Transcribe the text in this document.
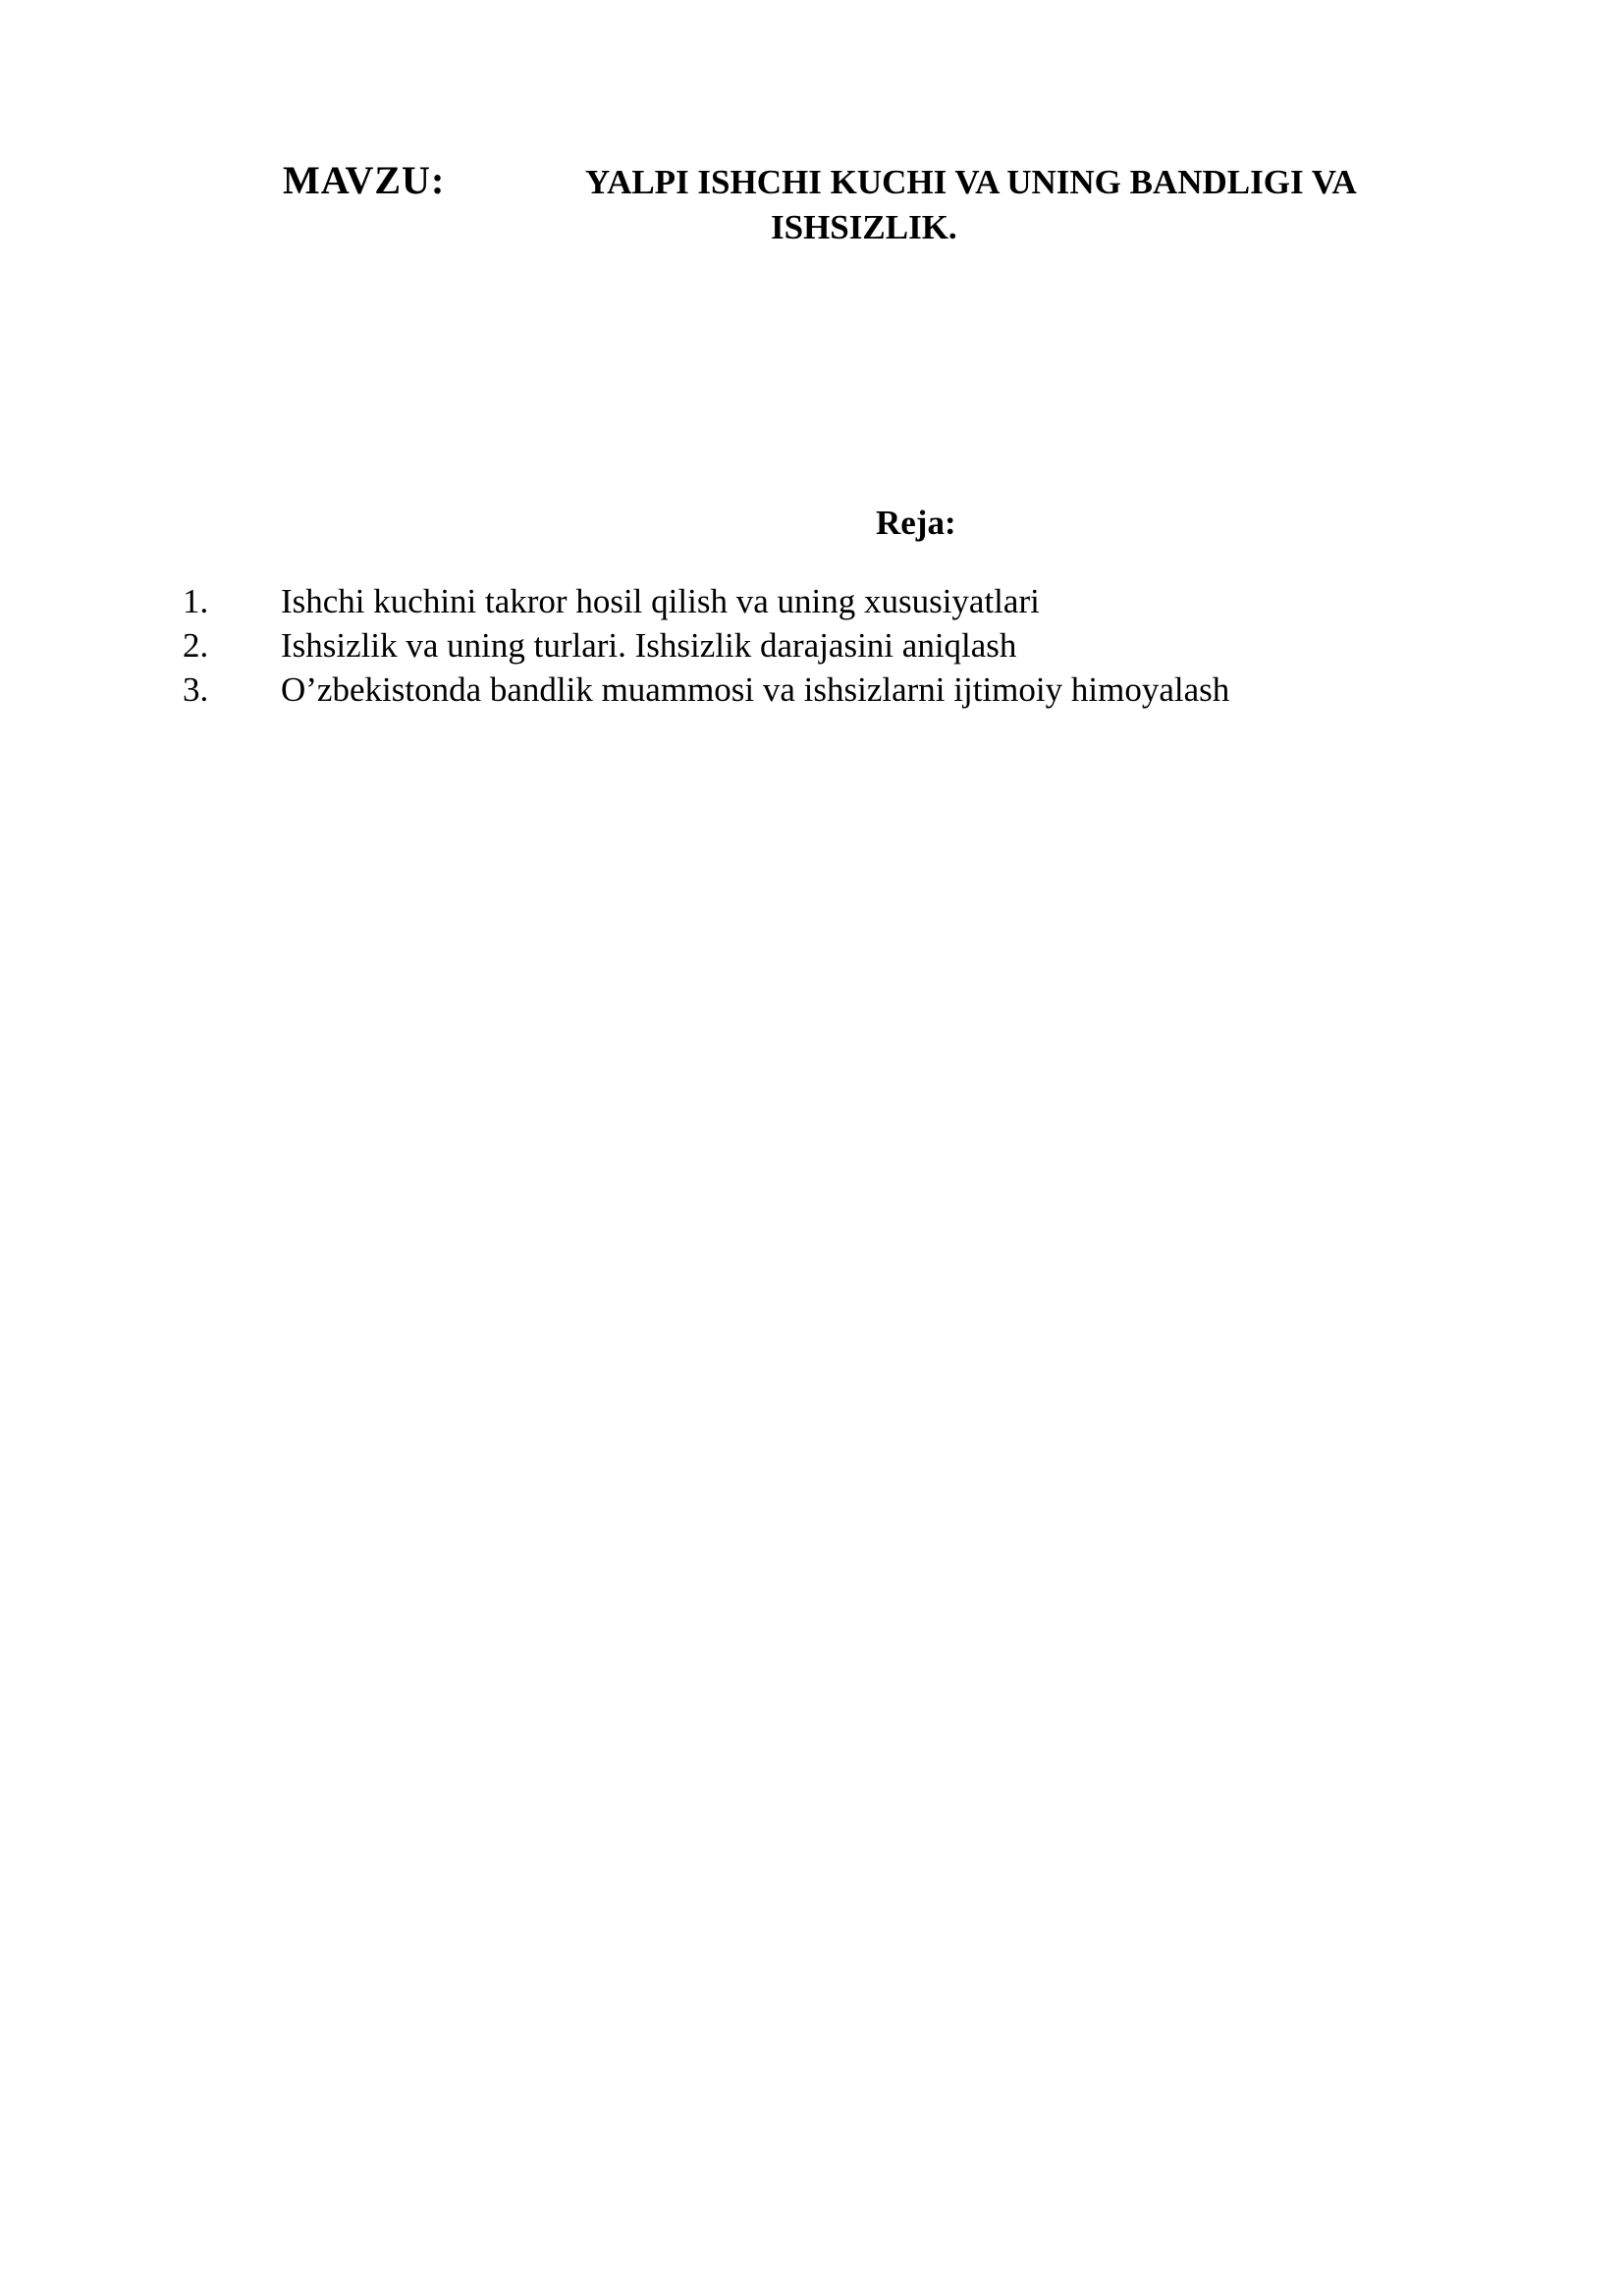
MAVZU:	YALPI ISHCHI KUCHI VA UNING BANDLIGI VA
ISHSIZLIK.
Reja:
1. Ishchi kuchini takror hosil qilish va uning xususiyatlari
2. Ishsizlik va uning turlari. Ishsizlik darajasini aniqlash
3. O’zbekistonda bandlik muammosi va ishsizlarni ijtimoiy himoyalash
